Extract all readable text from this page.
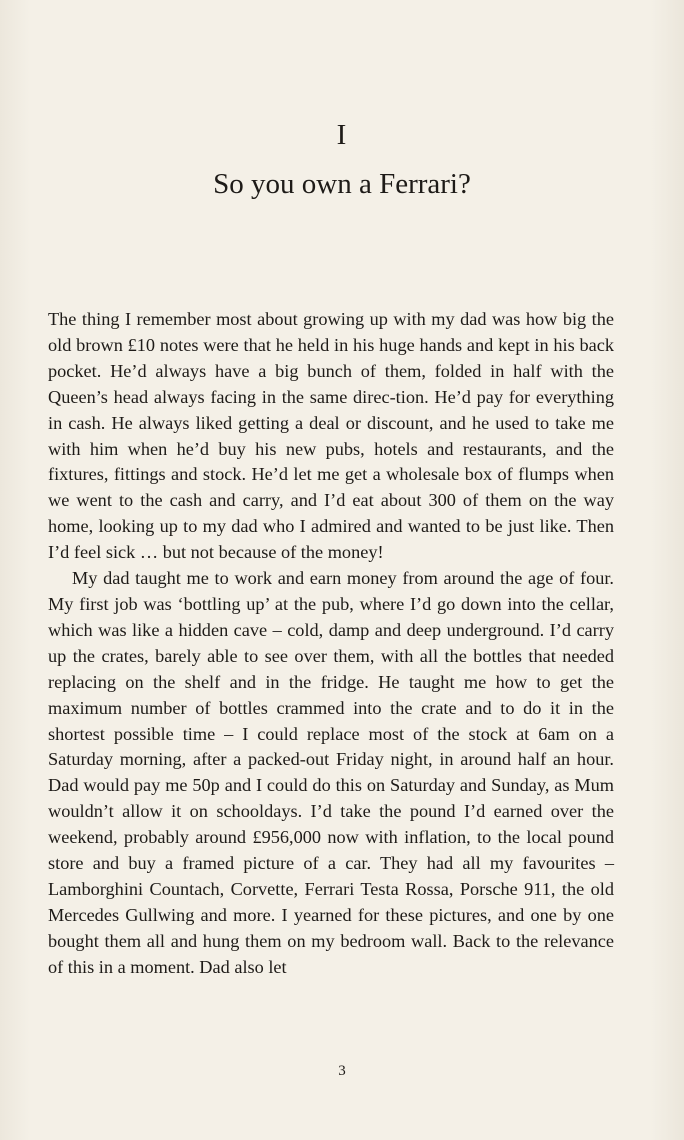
I
So you own a Ferrari?

The thing I remember most about growing up with my dad was how big the old brown £10 notes were that he held in his huge hands and kept in his back pocket. He’d always have a big bunch of them, folded in half with the Queen’s head always facing in the same direc-tion. He’d pay for everything in cash. He always liked getting a deal or discount, and he used to take me with him when he’d buy his new pubs, hotels and restaurants, and the fixtures, fittings and stock. He’d let me get a wholesale box of flumps when we went to the cash and carry, and I’d eat about 300 of them on the way home, looking up to my dad who I admired and wanted to be just like. Then I’d feel sick … but not because of the money!

My dad taught me to work and earn money from around the age of four. My first job was ‘bottling up’ at the pub, where I’d go down into the cellar, which was like a hidden cave – cold, damp and deep underground. I’d carry up the crates, barely able to see over them, with all the bottles that needed replacing on the shelf and in the fridge. He taught me how to get the maximum number of bottles crammed into the crate and to do it in the shortest possible time – I could replace most of the stock at 6am on a Saturday morning, after a packed-out Friday night, in around half an hour. Dad would pay me 50p and I could do this on Saturday and Sunday, as Mum wouldn’t allow it on schooldays. I’d take the pound I’d earned over the weekend, probably around £956,000 now with inflation, to the local pound store and buy a framed picture of a car. They had all my favourites – Lamborghini Countach, Corvette, Ferrari Testa Rossa, Porsche 911, the old Mercedes Gullwing and more. I yearned for these pictures, and one by one bought them all and hung them on my bedroom wall. Back to the relevance of this in a moment. Dad also let

3
